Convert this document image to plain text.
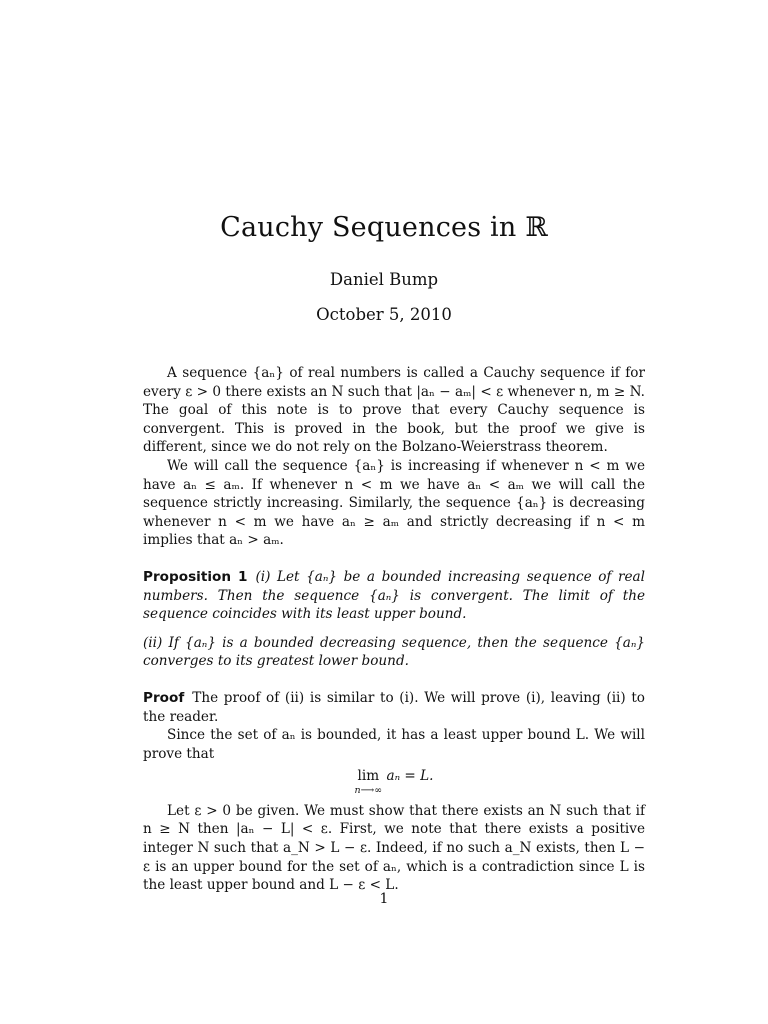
Cauchy Sequences in ℝ
Daniel Bump
October 5, 2010

A sequence {aₙ} of real numbers is called a Cauchy sequence if for every ε > 0 there exists an N such that |aₙ − aₘ| < ε whenever n, m ≥ N. The goal of this note is to prove that every Cauchy sequence is convergent. This is proved in the book, but the proof we give is different, since we do not rely on the Bolzano-Weierstrass theorem.

We will call the sequence {aₙ} is increasing if whenever n < m we have aₙ ≤ aₘ. If whenever n < m we have aₙ < aₘ we will call the sequence strictly increasing. Similarly, the sequence {aₙ} is decreasing whenever n < m we have aₙ ≥ aₘ and strictly decreasing if n < m implies that aₙ > aₘ.

Proposition 1 (i) Let {aₙ} be a bounded increasing sequence of real numbers. Then the sequence {aₙ} is convergent. The limit of the sequence coincides with its least upper bound.

(ii) If {aₙ} is a bounded decreasing sequence, then the sequence {aₙ} converges to its greatest lower bound.

Proof The proof of (ii) is similar to (i). We will prove (i), leaving (ii) to the reader.

Since the set of aₙ is bounded, it has a least upper bound L. We will prove that

lim
n⟶∞
aₙ = L.

Let ε > 0 be given. We must show that there exists an N such that if n ≥ N then |aₙ − L| < ε. First, we note that there exists a positive integer N such that a_N > L − ε. Indeed, if no such a_N exists, then L − ε is an upper bound for the set of aₙ, which is a contradiction since L is the least upper bound and L − ε < L.

1
